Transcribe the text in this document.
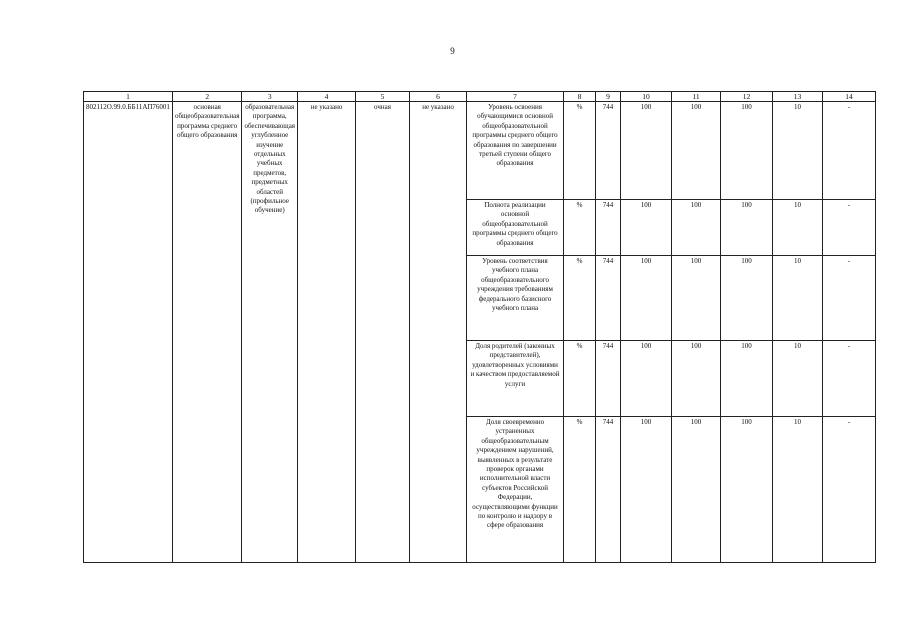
9
1	2	3	4	5	6	7	8	9	10	11	12	13	14
802112О.99.0.ББ11АП76001	основная общеобразовательная программа среднего общего образования	образовательная программа, обеспечивающая углубленное изучение отдельных учебных предметов, предметных областей (профильное обучение)	не указано	очная	не указано	Уровень освоения обучающимися основной общеобразовательной программы среднего общего образования по завершении третьей ступени общего образования	%	744	100	100	100	10	-
						Полнота реализации основной общеобразовательной программы среднего общего образования	%	744	100	100	100	10	-
						Уровень соответствия учебного плана общеобразовательного учреждения требованиям федерального базисного учебного плана	%	744	100	100	100	10	-
						Доля родителей (законных представителей), удовлетворенных условиями и качеством предоставляемой услуги	%	744	100	100	100	10	-
						Доля своевременно устраненных общеобразовательным учреждением нарушений, выявленных в результате проверок органами исполнительной власти субъектов Российской Федерации, осуществляющими функции по контролю и надзору в сфере образования	%	744	100	100	100	10	-
